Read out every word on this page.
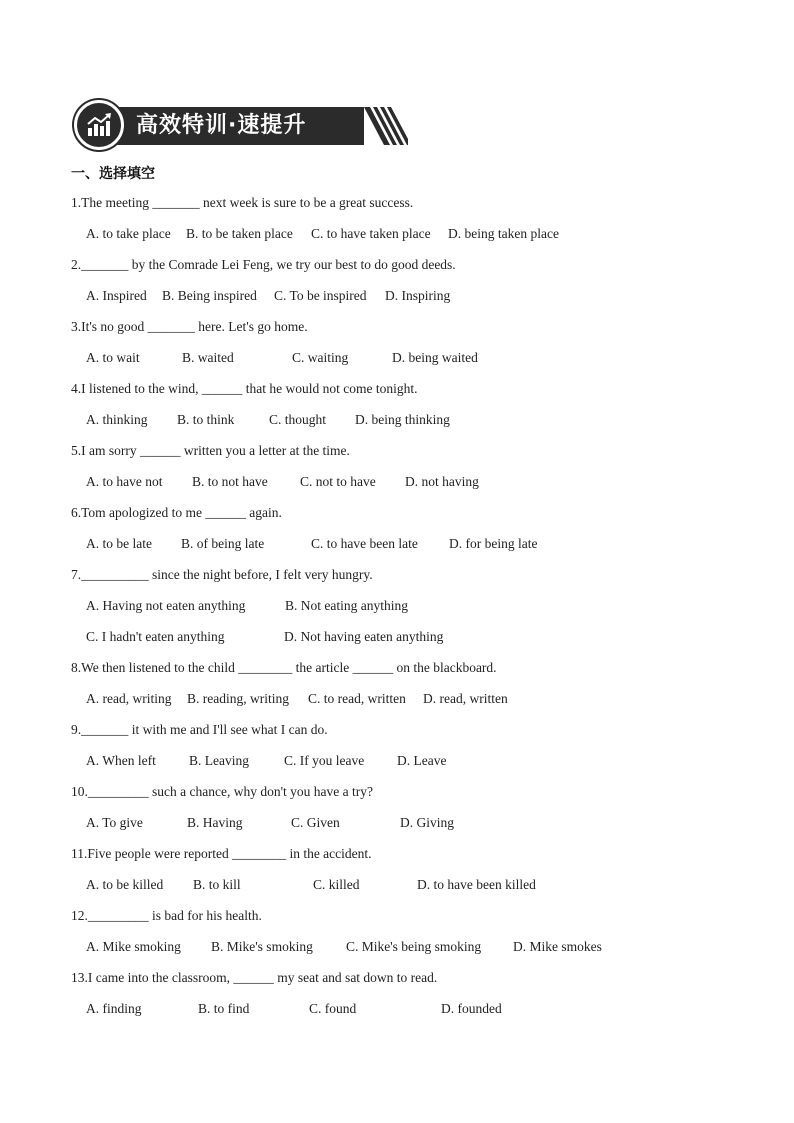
高效特训·速提升
一、选择填空
1.The meeting _______ next week is sure to be a great success.
A. to take place B. to be taken place C. to have taken place D. being taken place
2._______ by the Comrade Lei Feng, we try our best to do good deeds.
A. Inspired B. Being inspired C. To be inspired D. Inspiring
3.It's no good _______ here. Let's go home.
A. to wait	B. waited	C. waiting	D. being waited
4.I listened to the wind, ______ that he would not come tonight.
A. thinking B. to think	C. thought D. being thinking
5.I am sorry ______ written you a letter at the time.
A. to have not B. to not have C. not to have D. not having
6.Tom apologized to me ______ again.
A. to be late B. of being late	C. to have been late D. for being late
7.__________ since the night before, I felt very hungry.
A. Having not eaten anything	B. Not eating anything
C. I hadn't eaten anything	D. Not having eaten anything
8.We then listened to the child ________ the article ______ on the blackboard.
A. read, writing B. reading, writing C. to read, written D. read, written
9._______ it with me and I'll see what I can do.
A. When left B. Leaving	C. If you leave D. Leave
10._________ such a chance, why don't you have a try?
A. To give	B. Having	C. Given	D. Giving
11.Five people were reported ________ in the accident.
A. to be killed B. to kill	C. killed	D. to have been killed
12._________ is bad for his health.
A. Mike smoking B. Mike's smoking C. Mike's being smoking D. Mike smokes
13.I came into the classroom, ______ my seat and sat down to read.
A. finding	B. to find	C. found	D. founded
